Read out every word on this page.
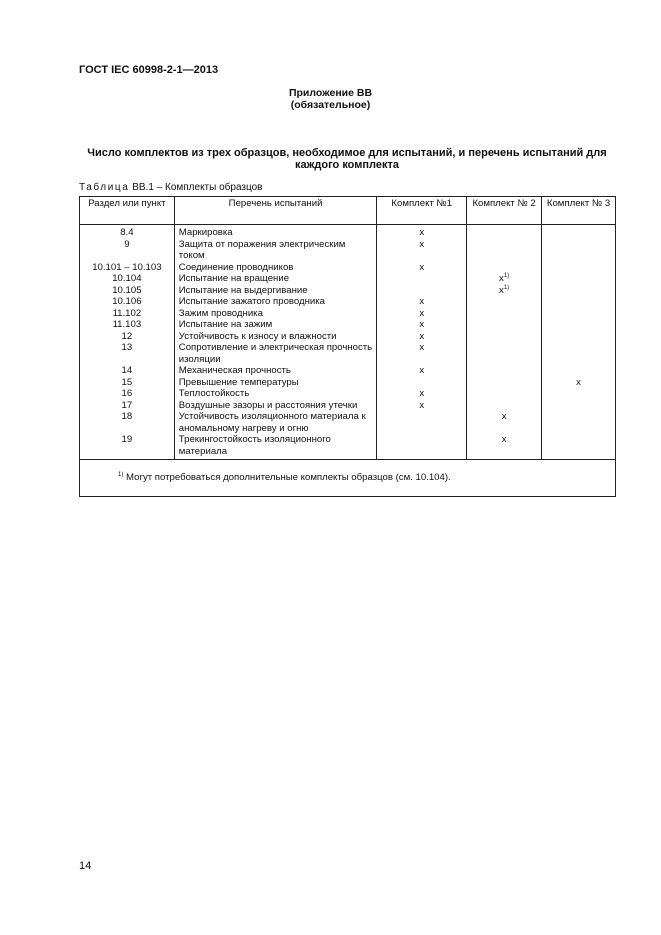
ГОСТ IEC 60998-2-1—2013
Приложение ВВ
(обязательное)
Число комплектов из трех образцов, необходимое для испытаний, и перечень испытаний для каждого комплекта
Таблица ВВ.1 – Комплекты образцов
Раздел или пункт	Перечень испытаний	Комплект №1	Комплект № 2	Комплект № 3
8.4	Маркировка	х		
9	Защита от поражения электрическим током	х		
10.101 – 10.103	Соединение проводников	х		
10.104	Испытание на вращение		$х^{1)}$	
10.105	Испытание на выдергивание		$х^{1)}$	
10.106	Испытание зажатого проводника	х		
11.102	Зажим проводника	х		
11.103	Испытание на зажим	х		
12	Устойчивость к износу и влажности	х		
13	Сопротивление и электрическая прочность изоляции	х		
14	Механическая прочность	х		
15	Превышение температуры			х
16	Теплостойкость	х		
17	Воздушные зазоры и расстояния утечки	х		
18	Устойчивость изоляционного материала к аномальному нагреву и огню		х	
19	Трекингостойкость изоляционного материала		х	
$^{1)}$ Могут потребоваться дополнительные комплекты образцов (см. 10.104).				
14
